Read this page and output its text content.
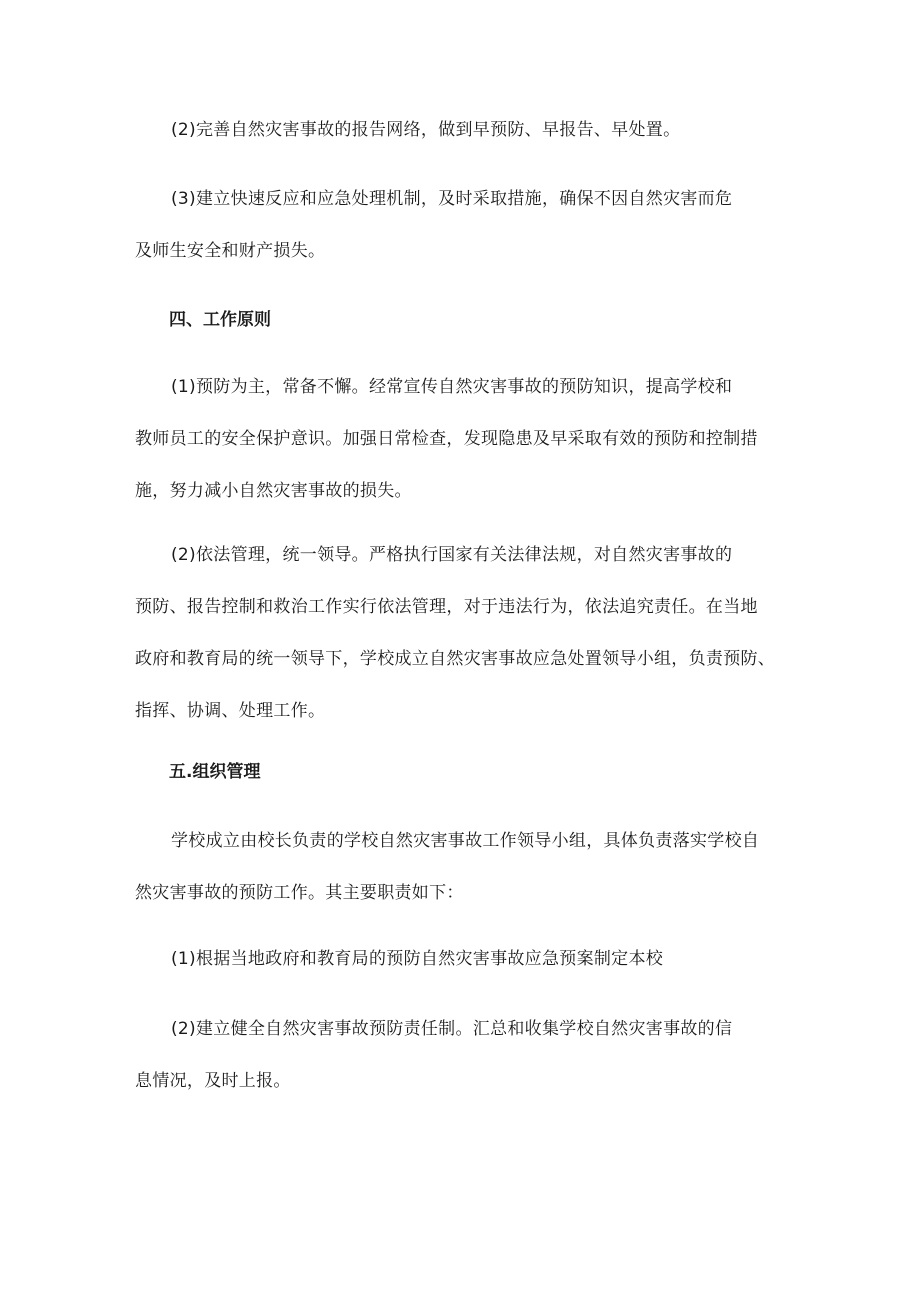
(2)完善自然灾害事故的报告网络，做到早预防、早报告、早处置。

(3)建立快速反应和应急处理机制，及时采取措施，确保不因自然灾害而危
及师生安全和财产损失。

四、工作原则

(1)预防为主，常备不懈。经常宣传自然灾害事故的预防知识，提高学校和
教师员工的安全保护意识。加强日常检查，发现隐患及早采取有效的预防和控制措
施，努力减小自然灾害事故的损失。

(2)依法管理，统一领导。严格执行国家有关法律法规，对自然灾害事故的
预防、报告控制和救治工作实行依法管理，对于违法行为，依法追究责任。在当地
政府和教育局的统一领导下，学校成立自然灾害事故应急处置领导小组，负责预防、
指挥、协调、处理工作。

五.组织管理

学校成立由校长负责的学校自然灾害事故工作领导小组，具体负责落实学校自
然灾害事故的预防工作。其主要职责如下：

(1)根据当地政府和教育局的预防自然灾害事故应急预案制定本校

(2)建立健全自然灾害事故预防责任制。汇总和收集学校自然灾害事故的信
息情况，及时上报。
